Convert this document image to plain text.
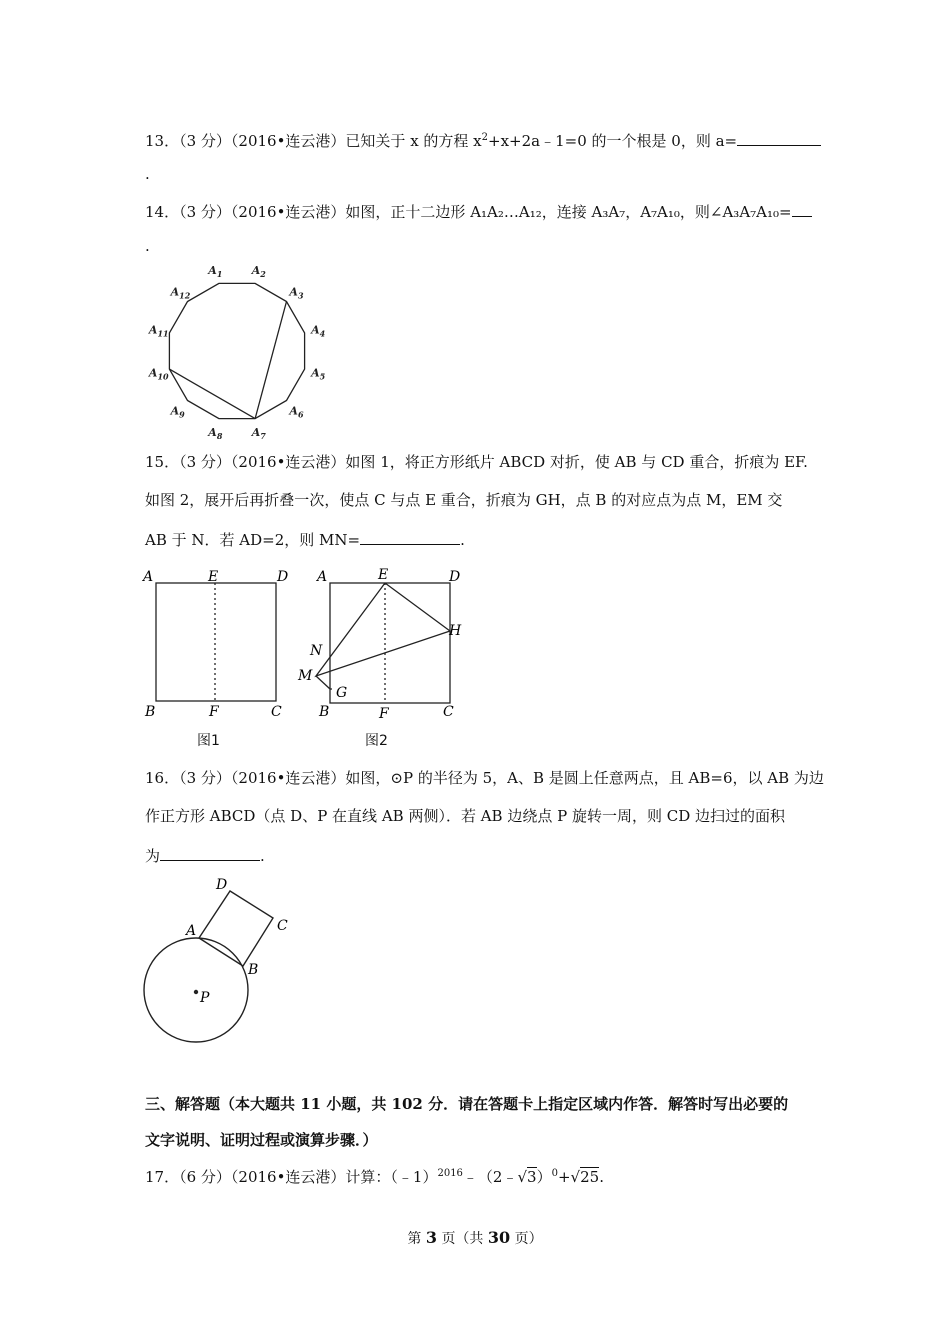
13．（3 分）（2016•连云港）已知关于 x 的方程 $x^2+x+2a﹣1=0$ 的一个根是 0，则 a=
.
14．（3 分）（2016•连云港）如图，正十二边形 A₁A₂…A₁₂，连接 A₃A₇，A₇A₁₀，则∠A₃A₇A₁₀=
.
$A_1$	$A_2$
$A_3$
$A_4$
$A_5$
$A_6$
$A_7$
$A_8$
$A_9$
$A_{10}$
$A_{11}$
$A_{12}$
15．（3 分）（2016•连云港）如图 1，将正方形纸片 ABCD 对折，使 AB 与 CD 重合，折痕为 EF.
如图 2，展开后再折叠一次，使点 C 与点 E 重合，折痕为 GH，点 B 的对应点为点 M，EM 交
AB 于 N．若 AD=2，则 MN=	.
A	E	D
B	F	C
图1
A	E	D
H
N
M
G
B	F	C
图2
16．（3 分）（2016•连云港）如图，⊙P 的半径为 5，A、B 是圆上任意两点，且 AB=6，以 AB 为边
作正方形 ABCD（点 D、P 在直线 AB 两侧）．若 AB 边绕点 P 旋转一周，则 CD 边扫过的面积
为	.
D
C
A
B
P
三、解答题（本大题共 11 小题，共 102 分．请在答题卡上指定区域内作答．解答时写出必要的
文字说明、证明过程或演算步骤．）
17．（6 分）（2016•连云港）计算：（﹣1）$^{2016}$﹣（2﹣√3）$^0$+√25.
第 3 页（共 30 页）
